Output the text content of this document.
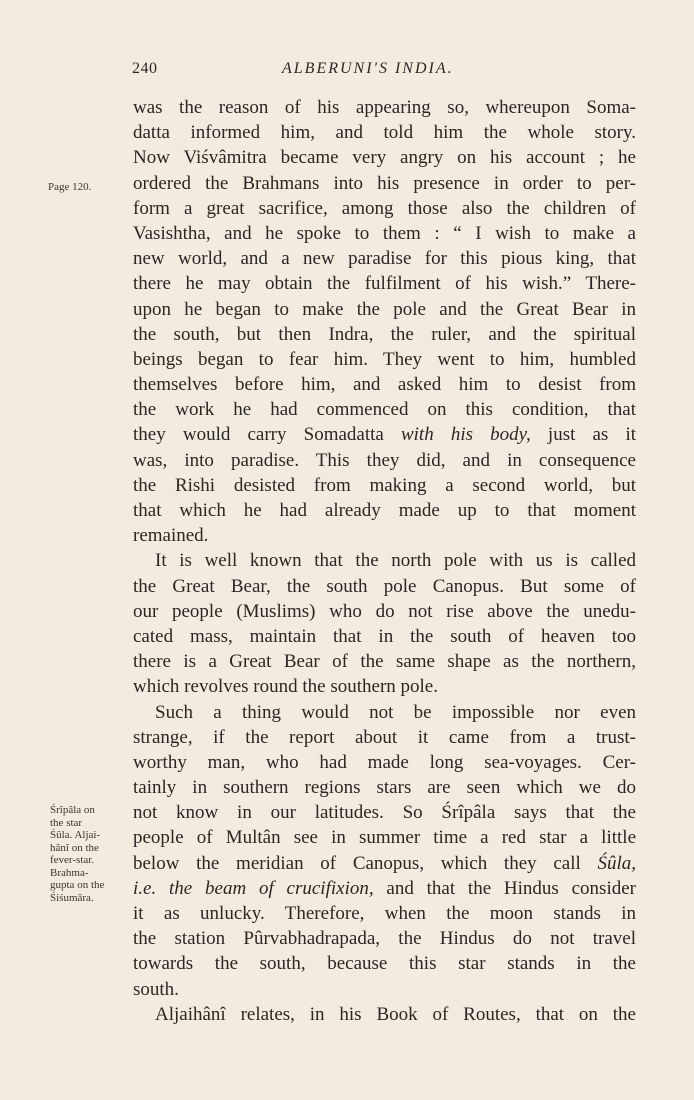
240	ALBERUNI'S INDIA.
Page 120.
Śrîpâla on
the star
Śûla. Aljai-
hânî on the
fever-star.
Brahma-
gupta on the
Śiśumâra.
was the reason of his appearing so, whereupon Soma-
datta informed him, and told him the whole story.
Now Viśvâmitra became very angry on his account ; he
ordered the Brahmans into his presence in order to per-
form a great sacrifice, among those also the children of
Vasishtha, and he spoke to them : “ I wish to make a
new world, and a new paradise for this pious king, that
there he may obtain the fulfilment of his wish.” There-
upon he began to make the pole and the Great Bear in
the south, but then Indra, the ruler, and the spiritual
beings began to fear him. They went to him, humbled
themselves before him, and asked him to desist from
the work he had commenced on this condition, that
they would carry Somadatta with his body, just as it
was, into paradise. This they did, and in consequence
the Rishi desisted from making a second world, but
that which he had already made up to that moment
remained.
It is well known that the north pole with us is called
the Great Bear, the south pole Canopus. But some of
our people (Muslims) who do not rise above the unedu-
cated mass, maintain that in the south of heaven too
there is a Great Bear of the same shape as the northern,
which revolves round the southern pole.
Such a thing would not be impossible nor even
strange, if the report about it came from a trust-
worthy man, who had made long sea-voyages. Cer-
tainly in southern regions stars are seen which we do
not know in our latitudes. So Śrîpâla says that the
people of Multân see in summer time a red star a little
below the meridian of Canopus, which they call Śûla,
i.e. the beam of crucifixion, and that the Hindus consider
it as unlucky. Therefore, when the moon stands in
the station Pûrvabhadrapada, the Hindus do not travel
towards the south, because this star stands in the
south.
Aljaihânî relates, in his Book of Routes, that on the
